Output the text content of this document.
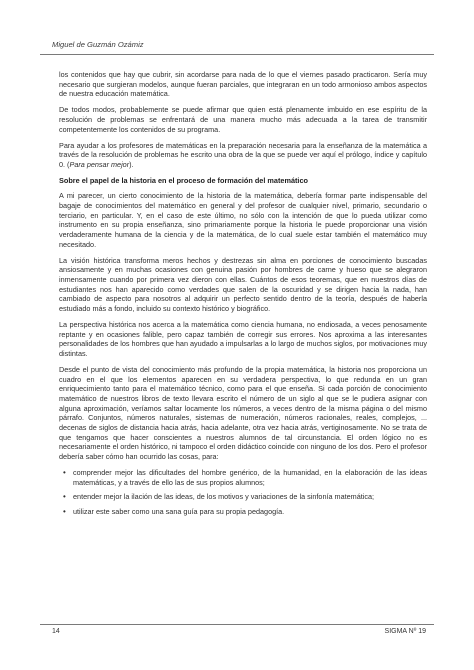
Miguel de Guzmán Ozámiz

los contenidos que hay que cubrir, sin acordarse para nada de lo que el viernes pasado practicaron. Sería muy necesario que surgieran modelos, aunque fueran parciales, que integraran en un todo armonioso ambos aspectos de nuestra educación matemática.

De todos modos, probablemente se puede afirmar que quien está plenamente imbuido en ese espíritu de la resolución de problemas se enfrentará de una manera mucho más adecuada a la tarea de transmitir competentemente los contenidos de su programa.

Para ayudar a los profesores de matemáticas en la preparación necesaria para la enseñanza de la matemática a través de la resolución de problemas he escrito una obra de la que se puede ver aquí el prólogo, índice y capítulo 0. (Para pensar mejor).

Sobre el papel de la historia en el proceso de formación del matemático

A mi parecer, un cierto conocimiento de la historia de la matemática, debería formar parte indispensable del bagaje de conocimientos del matemático en general y del profesor de cualquier nivel, primario, secundario o terciario, en particular. Y, en el caso de este último, no sólo con la intención de que lo pueda utilizar como instrumento en su propia enseñanza, sino primariamente porque la historia le puede proporcionar una visión verdaderamente humana de la ciencia y de la matemática, de lo cual suele estar también el matemático muy necesitado.

La visión histórica transforma meros hechos y destrezas sin alma en porciones de conocimiento buscadas ansiosamente y en muchas ocasiones con genuina pasión por hombres de carne y hueso que se alegraron inmensamente cuando por primera vez dieron con ellas. Cuántos de esos teoremas, que en nuestros días de estudiantes nos han aparecido como verdades que salen de la oscuridad y se dirigen hacia la nada, han cambiado de aspecto para nosotros al adquirir un perfecto sentido dentro de la teoría, después de haberla estudiado más a fondo, incluido su contexto histórico y biográfico.

La perspectiva histórica nos acerca a la matemática como ciencia humana, no endiosada, a veces penosamente reptante y en ocasiones falible, pero capaz también de corregir sus errores. Nos aproxima a las interesantes personalidades de los hombres que han ayudado a impulsarlas a lo largo de muchos siglos, por motivaciones muy distintas.

Desde el punto de vista del conocimiento más profundo de la propia matemática, la historia nos proporciona un cuadro en el que los elementos aparecen en su verdadera perspectiva, lo que redunda en un gran enriquecimiento tanto para el matemático técnico, como para el que enseña. Si cada porción de conocimiento matemático de nuestros libros de texto llevara escrito el número de un siglo al que se le pudiera asignar con alguna aproximación, veríamos saltar locamente los números, a veces dentro de la misma página o del mismo párrafo. Conjuntos, números naturales, sistemas de numeración, números racionales, reales, complejos, ... decenas de siglos de distancia hacia atrás, hacia adelante, otra vez hacia atrás, vertiginosamente. No se trata de que tengamos que hacer conscientes a nuestros alumnos de tal circunstancia. El orden lógico no es necesariamente el orden histórico, ni tampoco el orden didáctico coincide con ninguno de los dos. Pero el profesor debería saber cómo han ocurrido las cosas, para:

• comprender mejor las dificultades del hombre genérico, de la humanidad, en la elaboración de las ideas matemáticas, y a través de ello las de sus propios alumnos;
• entender mejor la ilación de las ideas, de los motivos y variaciones de la sinfonía matemática;
• utilizar este saber como una sana guía para su propia pedagogía.
14	SIGMA Nº 19
